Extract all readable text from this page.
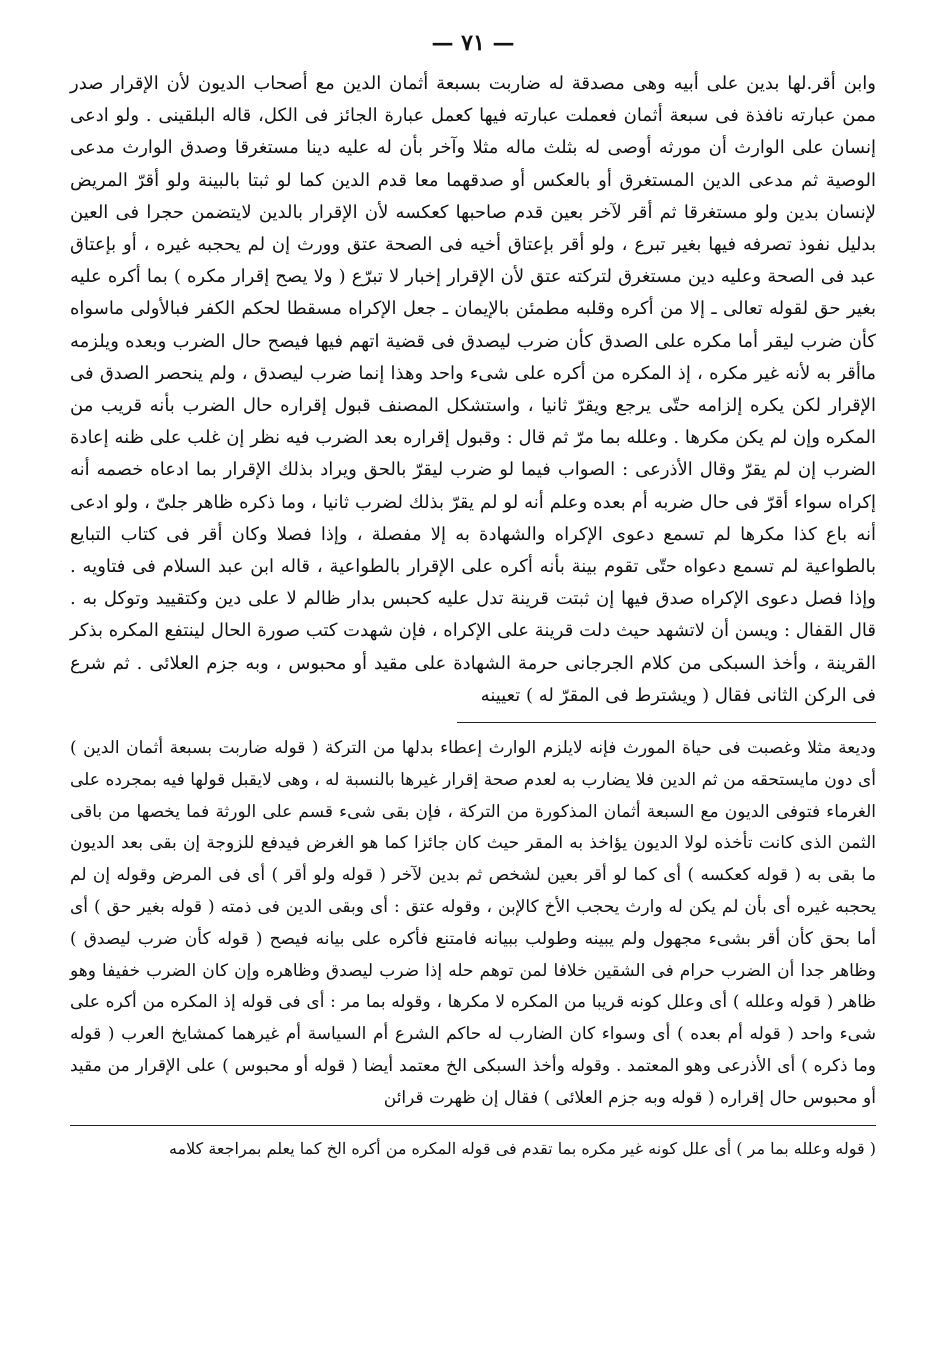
— ٧١ —

وابن أقر.لها بدين على أبيه وهى مصدقة له ضاربت بسبعة أثمان الدين مع أصحاب الديون لأن الإقرار صدر ممن عبارته نافذة فى سبعة أثمان فعملت عبارته فيها كعمل عبارة الجائز فى الكل، قاله البلقينى . ولو ادعى إنسان على الوارث أن مورثه أوصى له بثلث ماله مثلا وآخر بأن له عليه دينا مستغرقا وصدق الوارث مدعى الوصية ثم مدعى الدين المستغرق أو بالعكس أو صدقهما معا قدم الدين كما لو ثبتا بالبينة ولو أقرّ المريض لإنسان بدين ولو مستغرقا ثم أقر لآخر بعين قدم صاحبها كعكسه لأن الإقرار بالدين لايتضمن حجرا فى العين بدليل نفوذ تصرفه فيها بغير تبرع ، ولو أقر بإعتاق أخيه فى الصحة عتق وورث إن لم يحجبه غيره ، أو بإعتاق عبد فى الصحة وعليه دين مستغرق لتركته عتق لأن الإقرار إخبار لا تبرّع ( ولا يصح إقرار مكره ) بما أكره عليه بغير حق لقوله تعالى ـ إلا من أكره وقلبه مطمئن بالإيمان ـ جعل الإكراه مسقطا لحكم الكفر فبالأولى ماسواه كأن ضرب ليقر أما مكره على الصدق كأن ضرب ليصدق فى قضية اتهم فيها فيصح حال الضرب وبعده ويلزمه ماأقر به لأنه غير مكره ، إذ المكره من أكره على شىء واحد وهذا إنما ضرب ليصدق ، ولم ينحصر الصدق فى الإقرار لكن يكره إلزامه حتّى يرجع ويقرّ ثانيا ، واستشكل المصنف قبول إقراره حال الضرب بأنه قريب من المكره وإن لم يكن مكرها . وعلله بما مرّ ثم قال : وقبول إقراره بعد الضرب فيه نظر إن غلب على ظنه إعادة الضرب إن لم يقرّ وقال الأذرعى : الصواب فيما لو ضرب ليقرّ بالحق ويراد بذلك الإقرار بما ادعاه خصمه أنه إكراه سواء أقرّ فى حال ضربه أم بعده وعلم أنه لو لم يقرّ بذلك لضرب ثانيا ، وما ذكره ظاهر جلىّ ، ولو ادعى أنه باع كذا مكرها لم تسمع دعوى الإكراه والشهادة به إلا مفصلة ، وإذا فصلا وكان أقر فى كتاب التبايع بالطواعية لم تسمع دعواه حتّى تقوم بينة بأنه أكره على الإقرار بالطواعية ، قاله ابن عبد السلام فى فتاويه . وإذا فصل دعوى الإكراه صدق فيها إن ثبتت قرينة تدل عليه كحبس بدار ظالم لا على دين وكتقييد وتوكل به . قال القفال : ويسن أن لاتشهد حيث دلت قرينة على الإكراه ، فإن شهدت كتب صورة الحال لينتفع المكره بذكر القرينة ، وأخذ السبكى من كلام الجرجانى حرمة الشهادة على مقيد أو محبوس ، وبه جزم العلائى . ثم شرع فى الركن الثانى فقال ( ويشترط فى المقرّ له ) تعيينه

وديعة مثلا وغصبت فى حياة المورث فإنه لايلزم الوارث إعطاء بدلها من التركة ( قوله ضاربت بسبعة أثمان الدين ) أى دون مايستحقه من ثم الدين فلا يضارب به لعدم صحة إقرار غيرها بالنسبة له ، وهى لايقبل قولها فيه بمجرده على الغرماء فتوفى الديون مع السبعة أثمان المذكورة من التركة ، فإن بقى شىء قسم على الورثة فما يخصها من باقى الثمن الذى كانت تأخذه لولا الديون يؤاخذ به المقر حيث كان جائزا كما هو الغرض فيدفع للزوجة إن بقى بعد الديون ما بقى به ( قوله كعكسه ) أى كما لو أقر بعين لشخص ثم بدين لآخر ( قوله ولو أقر ) أى فى المرض وقوله إن لم يحجبه غيره أى بأن لم يكن له وارث يحجب الأخ كالإبن ، وقوله عتق : أى وبقى الدين فى ذمته ( قوله بغير حق ) أى أما بحق كأن أقر بشىء مجهول ولم يبينه وطولب ببيانه فامتنع فأكره على بيانه فيصح ( قوله كأن ضرب ليصدق ) وظاهر جدا أن الضرب حرام فى الشقين خلافا لمن توهم حله إذا ضرب ليصدق وظاهره وإن كان الضرب خفيفا وهو ظاهر ( قوله وعلله ) أى وعلل كونه قريبا من المكره لا مكرها ، وقوله بما مر : أى فى قوله إذ المكره من أكره على شىء واحد ( قوله أم بعده ) أى وسواء كان الضارب له حاكم الشرع أم السياسة أم غيرهما كمشايخ العرب ( قوله وما ذكره ) أى الأذرعى وهو المعتمد . وقوله وأخذ السبكى الخ معتمد أيضا ( قوله أو محبوس ) على الإقرار من مقيد أو محبوس حال إقراره ( قوله وبه جزم العلائى ) فقال إن ظهرت قرائن

( قوله وعلله بما مر ) أى علل كونه غير مكره بما تقدم فى قوله المكره من أكره الخ كما يعلم بمراجعة كلامه
